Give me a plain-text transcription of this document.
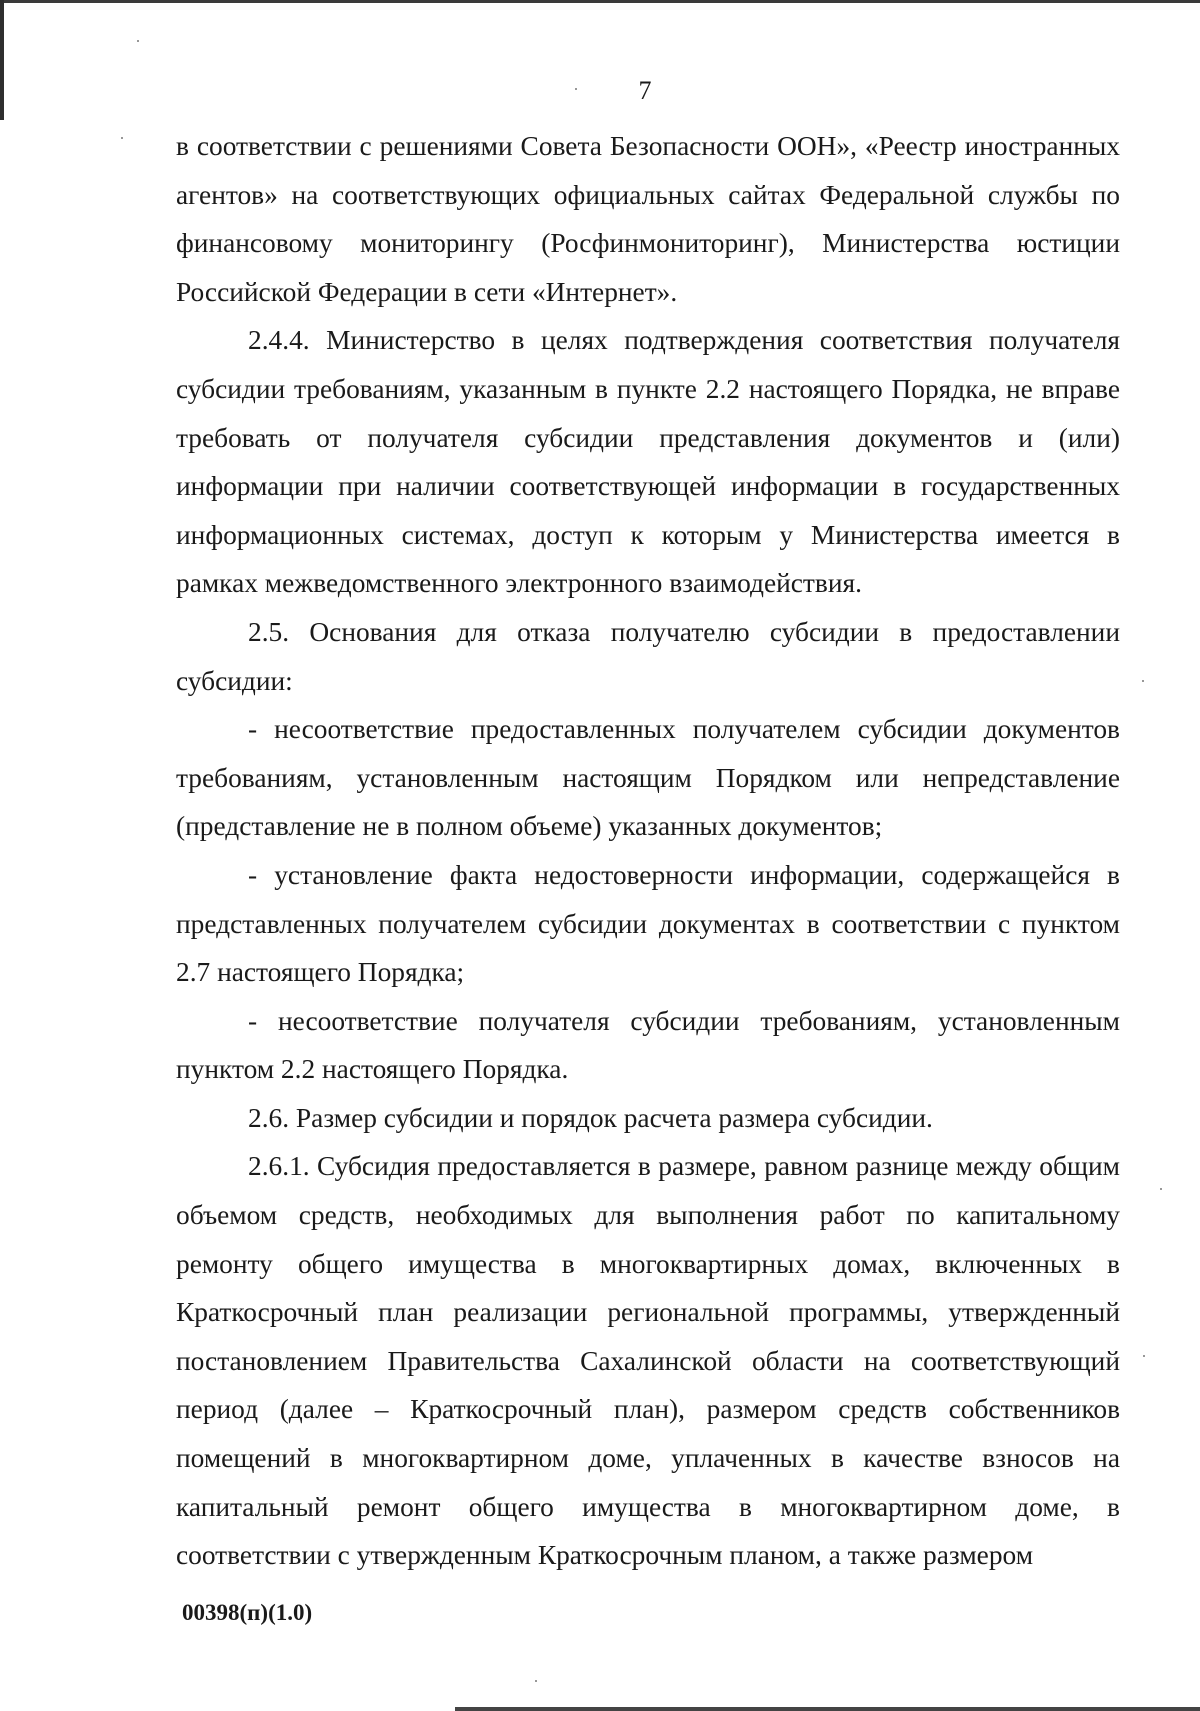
7

в соответствии с решениями Совета Безопасности ООН», «Реестр иностранных агентов» на соответствующих официальных сайтах Федеральной службы по финансовому мониторингу (Росфинмониторинг), Министерства юстиции Российской Федерации в сети «Интернет».

2.4.4. Министерство в целях подтверждения соответствия получателя субсидии требованиям, указанным в пункте 2.2 настоящего Порядка, не вправе требовать от получателя субсидии представления документов и (или) информации при наличии соответствующей информации в государственных информационных системах, доступ к которым у Министерства имеется в рамках межведомственного электронного взаимодействия.

2.5. Основания для отказа получателю субсидии в предоставлении субсидии:

- несоответствие предоставленных получателем субсидии документов требованиям, установленным настоящим Порядком или непредставление (представление не в полном объеме) указанных документов;

- установление факта недостоверности информации, содержащейся в представленных получателем субсидии документах в соответствии с пунктом 2.7 настоящего Порядка;

- несоответствие получателя субсидии требованиям, установленным пунктом 2.2 настоящего Порядка.

2.6. Размер субсидии и порядок расчета размера субсидии.

2.6.1. Субсидия предоставляется в размере, равном разнице между общим объемом средств, необходимых для выполнения работ по капитальному ремонту общего имущества в многоквартирных домах, включенных в Краткосрочный план реализации региональной программы, утвержденный постановлением Правительства Сахалинской области на соответствующий период (далее – Краткосрочный план), размером средств собственников помещений в многоквартирном доме, уплаченных в качестве взносов на капитальный ремонт общего имущества в многоквартирном доме, в соответствии с утвержденным Краткосрочным планом, а также размером

00398(п)(1.0)
